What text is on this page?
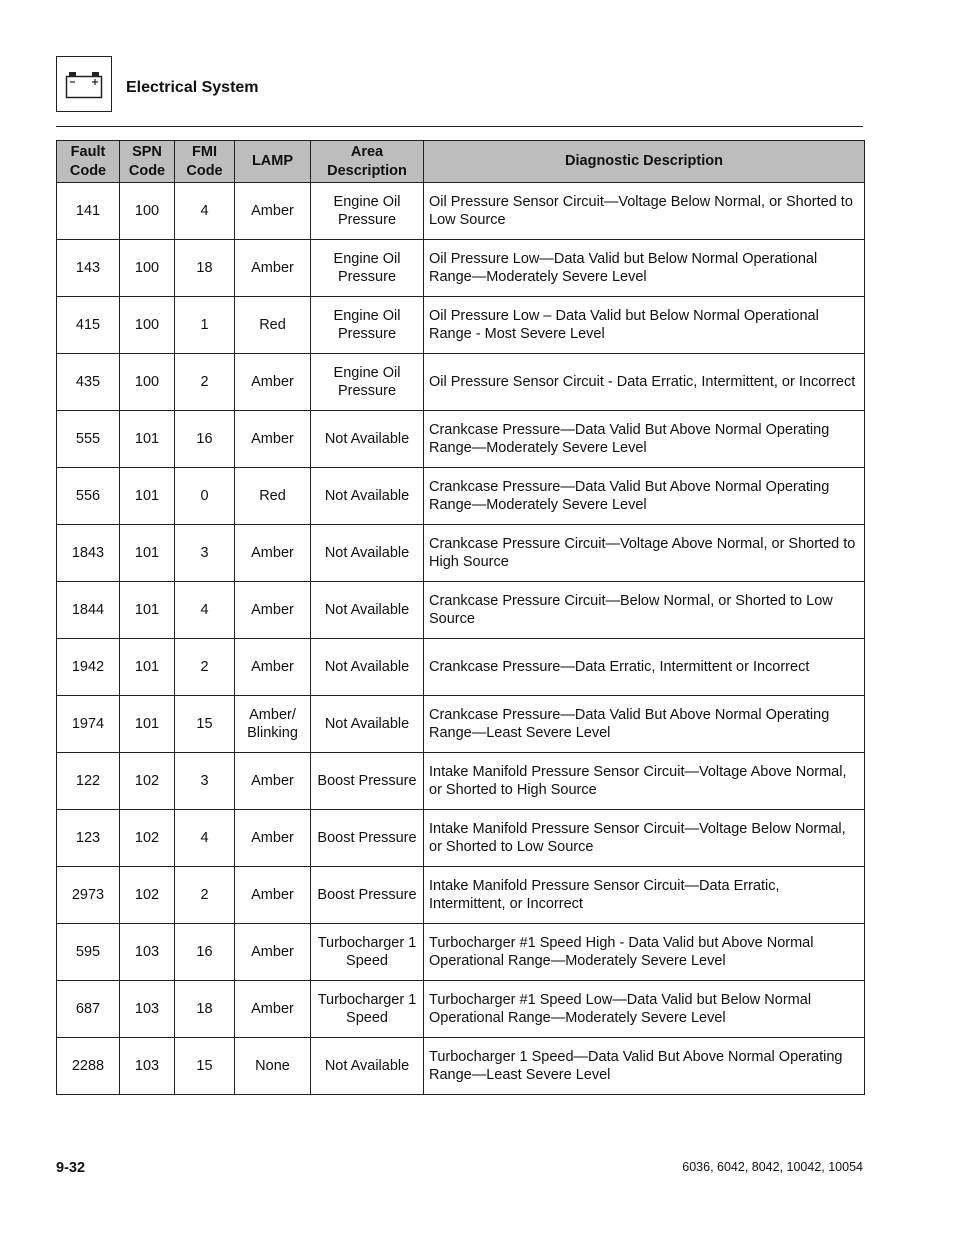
Electrical System
Fault Code	SPN Code	FMI Code	LAMP	Area Description	Diagnostic Description
141	100	4	Amber	Engine Oil Pressure	Oil Pressure Sensor Circuit—Voltage Below Normal, or Shorted to Low Source
143	100	18	Amber	Engine Oil Pressure	Oil Pressure Low—Data Valid but Below Normal Operational Range—Moderately Severe Level
415	100	1	Red	Engine Oil Pressure	Oil Pressure Low – Data Valid but Below Normal Operational Range - Most Severe Level
435	100	2	Amber	Engine Oil Pressure	Oil Pressure Sensor Circuit - Data Erratic, Intermittent, or Incorrect
555	101	16	Amber	Not Available	Crankcase Pressure—Data Valid But Above Normal Operating Range—Moderately Severe Level
556	101	0	Red	Not Available	Crankcase Pressure—Data Valid But Above Normal Operating Range—Moderately Severe Level
1843	101	3	Amber	Not Available	Crankcase Pressure Circuit—Voltage Above Normal, or Shorted to High Source
1844	101	4	Amber	Not Available	Crankcase Pressure Circuit—Below Normal, or Shorted to Low Source
1942	101	2	Amber	Not Available	Crankcase Pressure—Data Erratic, Intermittent or Incorrect
1974	101	15	Amber/ Blinking	Not Available	Crankcase Pressure—Data Valid But Above Normal Operating Range—Least Severe Level
122	102	3	Amber	Boost Pressure	Intake Manifold Pressure Sensor Circuit—Voltage Above Normal, or Shorted to High Source
123	102	4	Amber	Boost Pressure	Intake Manifold Pressure Sensor Circuit—Voltage Below Normal, or Shorted to Low Source
2973	102	2	Amber	Boost Pressure	Intake Manifold Pressure Sensor Circuit—Data Erratic, Intermittent, or Incorrect
595	103	16	Amber	Turbocharger 1 Speed	Turbocharger #1 Speed High - Data Valid but Above Normal Operational Range—Moderately Severe Level
687	103	18	Amber	Turbocharger 1 Speed	Turbocharger #1 Speed Low—Data Valid but Below Normal Operational Range—Moderately Severe Level
2288	103	15	None	Not Available	Turbocharger 1 Speed—Data Valid But Above Normal Operating Range—Least Severe Level
9-32	6036, 6042, 8042, 10042, 10054
